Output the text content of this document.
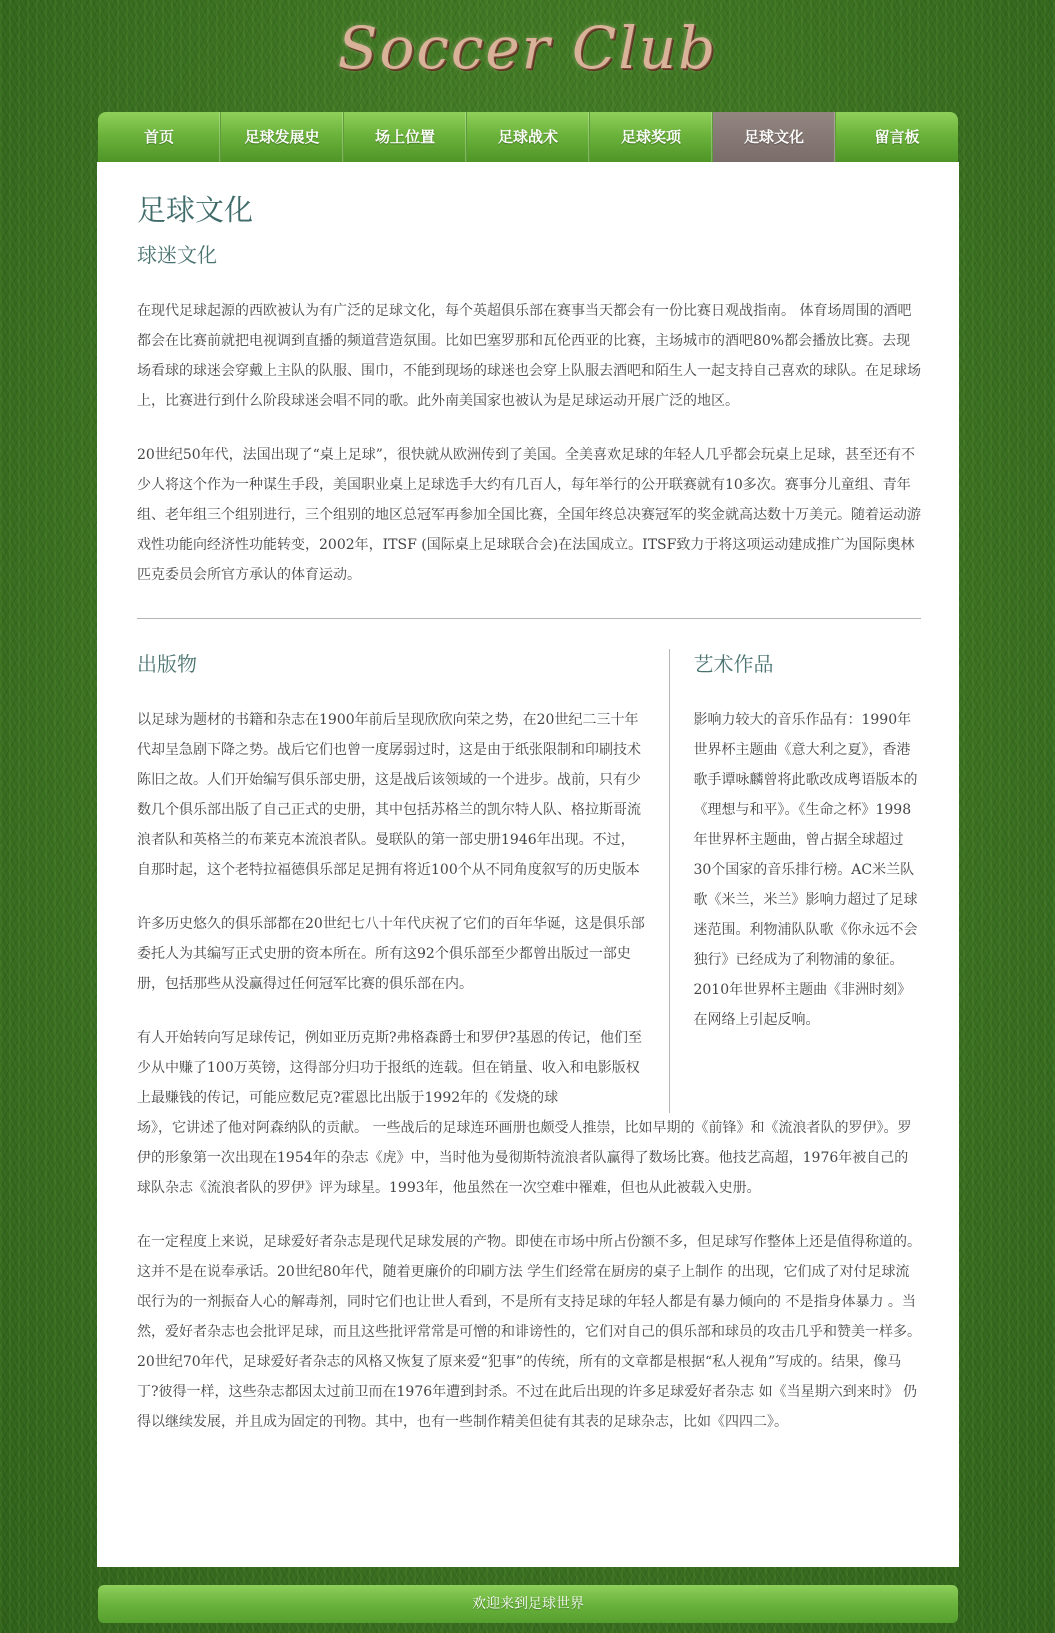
Soccer Club
首页	足球发展史	场上位置	足球战术	足球奖项	足球文化	留言板
足球文化
球迷文化

在现代足球起源的西欧被认为有广泛的足球文化，每个英超俱乐部在赛事当天都会有一份比赛日观战指南。 体育场周围的酒吧都会在比赛前就把电视调到直播的频道营造氛围。比如巴塞罗那和瓦伦西亚的比赛，主场城市的酒吧80%都会播放比赛。去现场看球的球迷会穿戴上主队的队服、围巾，不能到现场的球迷也会穿上队服去酒吧和陌生人一起支持自己喜欢的球队。在足球场上，比赛进行到什么阶段球迷会唱不同的歌。此外南美国家也被认为是足球运动开展广泛的地区。

20世纪50年代，法国出现了“桌上足球”，很快就从欧洲传到了美国。全美喜欢足球的年轻人几乎都会玩桌上足球，甚至还有不少人将这个作为一种谋生手段，美国职业桌上足球选手大约有几百人，每年举行的公开联赛就有10多次。赛事分儿童组、青年组、老年组三个组别进行，三个组别的地区总冠军再参加全国比赛，全国年终总决赛冠军的奖金就高达数十万美元。随着运动游戏性功能向经济性功能转变，2002年，ITSF (国际桌上足球联合会)在法国成立。ITSF致力于将这项运动建成推广为国际奥林匹克委员会所官方承认的体育运动。

出版物

以足球为题材的书籍和杂志在1900年前后呈现欣欣向荣之势，在20世纪二三十年代却呈急剧下降之势。战后它们也曾一度孱弱过时，这是由于纸张限制和印刷技术陈旧之故。人们开始编写俱乐部史册，这是战后该领域的一个进步。战前，只有少数几个俱乐部出版了自己正式的史册，其中包括苏格兰的凯尔特人队、格拉斯哥流浪者队和英格兰的布莱克本流浪者队。曼联队的第一部史册1946年出现。不过，自那时起，这个老特拉福德俱乐部足足拥有将近100个从不同角度叙写的历史版本

许多历史悠久的俱乐部都在20世纪七八十年代庆祝了它们的百年华诞，这是俱乐部委托人为其编写正式史册的资本所在。所有这92个俱乐部至少都曾出版过一部史册，包括那些从没赢得过任何冠军比赛的俱乐部在内。

有人开始转向写足球传记，例如亚历克斯?弗格森爵士和罗伊?基恩的传记，他们至少从中赚了100万英镑，这得部分归功于报纸的连载。但在销量、收入和电影版权上最赚钱的传记，可能应数尼克?霍恩比出版于1992年的《发烧的球

艺术作品

影响力较大的音乐作品有：1990年世界杯主题曲《意大利之夏》，香港歌手谭咏麟曾将此歌改成粤语版本的《理想与和平》。《生命之杯》1998年世界杯主题曲，曾占据全球超过30个国家的音乐排行榜。AC米兰队歌《米兰，米兰》影响力超过了足球迷范围。利物浦队队歌《你永远不会独行》已经成为了利物浦的象征。2010年世界杯主题曲《非洲时刻》在网络上引起反响。

场》，它讲述了他对阿森纳队的贡献。 一些战后的足球连环画册也颇受人推崇，比如早期的《前锋》和《流浪者队的罗伊》。罗伊的形象第一次出现在1954年的杂志《虎》中，当时他为曼彻斯特流浪者队赢得了数场比赛。他技艺高超，1976年被自己的球队杂志《流浪者队的罗伊》评为球星。1993年，他虽然在一次空难中罹难，但也从此被载入史册。

在一定程度上来说，足球爱好者杂志是现代足球发展的产物。即使在市场中所占份额不多，但足球写作整体上还是值得称道的。这并不是在说奉承话。20世纪80年代，随着更廉价的印刷方法 学生们经常在厨房的桌子上制作 的出现，它们成了对付足球流氓行为的一剂振奋人心的解毒剂，同时它们也让世人看到，不是所有支持足球的年轻人都是有暴力倾向的 不是指身体暴力 。当然，爱好者杂志也会批评足球，而且这些批评常常是可憎的和诽谤性的，它们对自己的俱乐部和球员的攻击几乎和赞美一样多。20世纪70年代，足球爱好者杂志的风格又恢复了原来爱“犯事”的传统，所有的文章都是根据“私人视角”写成的。结果，像马丁?彼得一样，这些杂志都因太过前卫而在1976年遭到封杀。不过在此后出现的许多足球爱好者杂志 如《当星期六到来时》 仍得以继续发展，并且成为固定的刊物。其中，也有一些制作精美但徒有其表的足球杂志，比如《四四二》。

欢迎来到足球世界
